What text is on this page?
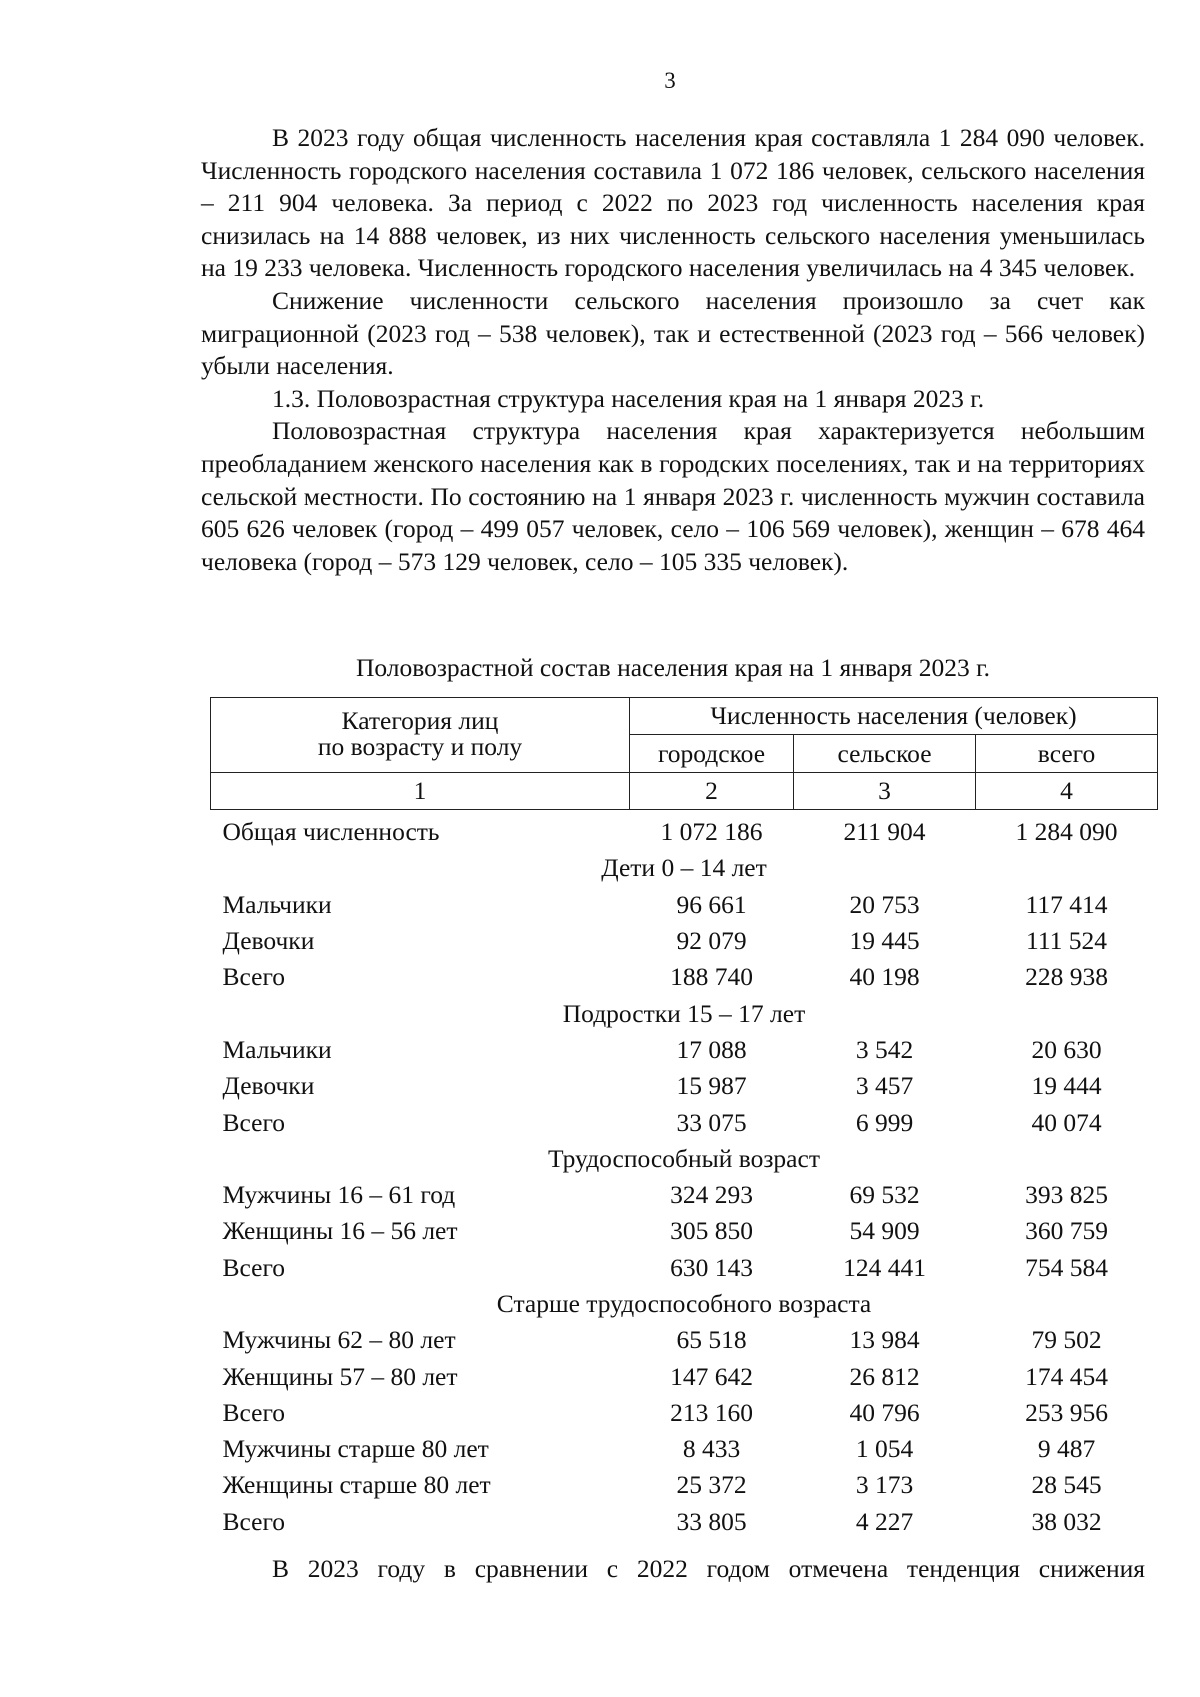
3

В 2023 году общая численность населения края составляла 1 284 090 человек. Численность городского населения составила 1 072 186 человек, сельского населения – 211 904 человека. За период с 2022 по 2023 год численность населения края снизилась на 14 888 человек, из них численность сельского населения уменьшилась на 19 233 человека. Численность городского населения увеличилась на 4 345 человек.

Снижение численности сельского населения произошло за счет как миграционной (2023 год – 538 человек), так и естественной (2023 год – 566 человек) убыли населения.

1.3. Половозрастная структура населения края на 1 января 2023 г.

Половозрастная структура населения края характеризуется небольшим преобладанием женского населения как в городских поселениях, так и на территориях сельской местности. По состоянию на 1 января 2023 г. численность мужчин составила 605 626 человек (город – 499 057 человек, село – 106 569 человек), женщин – 678 464 человека (город – 573 129 человек, село – 105 335 человек).

Половозрастной состав населения края на 1 января 2023 г.
Категория лиц
по возрасту и полу	Численность населения (человек)		
	городское	сельское	всего
1	2	3	4
Общая численность	1 072 186	211 904	1 284 090
Дети 0 – 14 лет			
Мальчики	96 661	20 753	117 414
Девочки	92 079	19 445	111 524
Всего	188 740	40 198	228 938
Подростки 15 – 17 лет			
Мальчики	17 088	3 542	20 630
Девочки	15 987	3 457	19 444
Всего	33 075	6 999	40 074
Трудоспособный возраст			
Мужчины 16 – 61 год	324 293	69 532	393 825
Женщины 16 – 56 лет	305 850	54 909	360 759
Всего	630 143	124 441	754 584
Старше трудоспособного возраста			
Мужчины 62 – 80 лет	65 518	13 984	79 502
Женщины 57 – 80 лет	147 642	26 812	174 454
Всего	213 160	40 796	253 956
Мужчины старше 80 лет	8 433	1 054	9 487
Женщины старше 80 лет	25 372	3 173	28 545
Всего	33 805	4 227	38 032
В 2023 году в сравнении с 2022 годом отмечена тенденция снижения
